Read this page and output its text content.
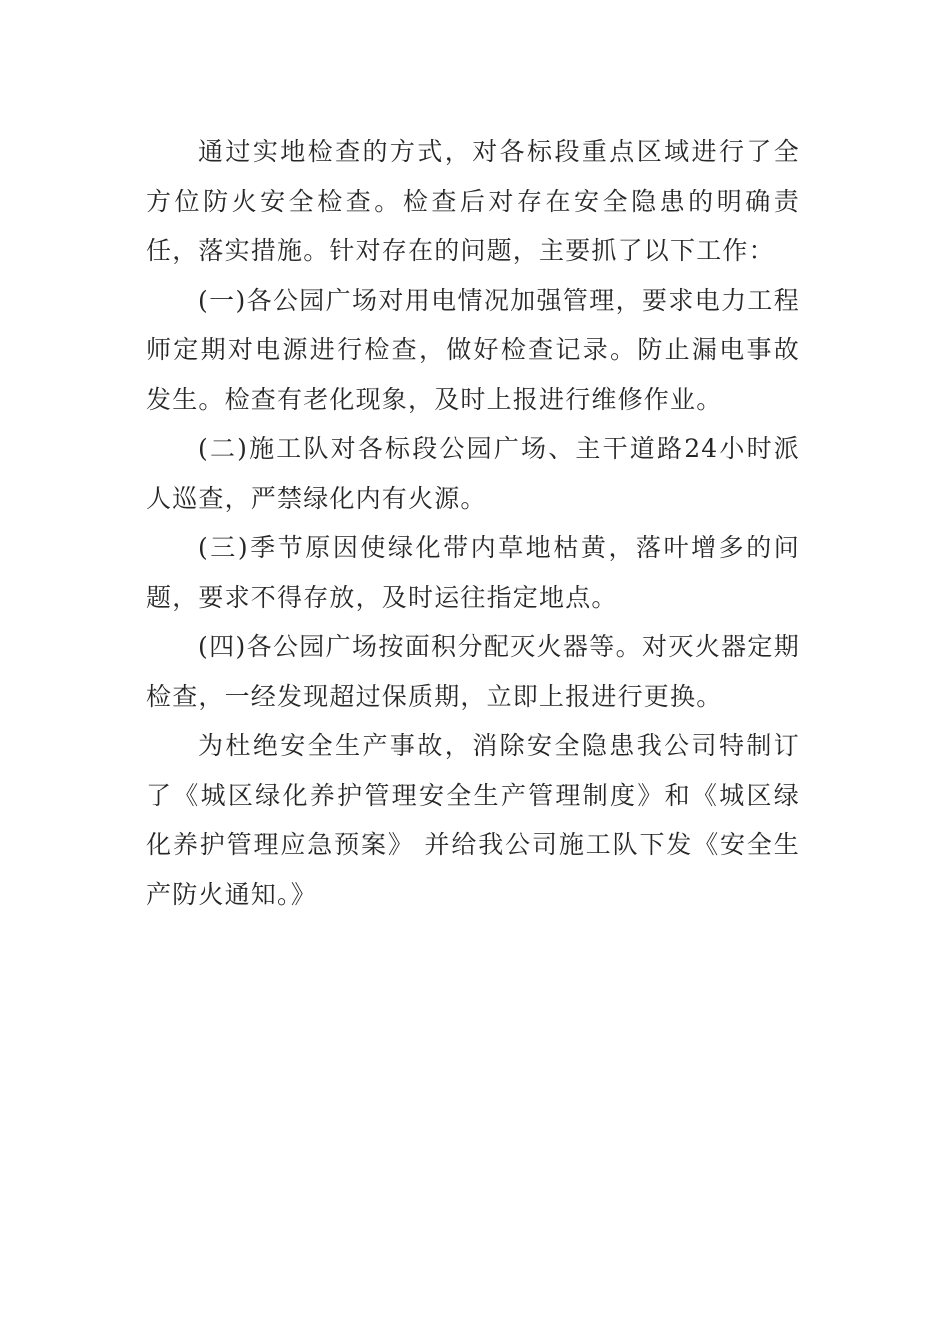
通过实地检查的方式，对各标段重点区域进行了全方位防火安全检查。检查后对存在安全隐患的明确责任，落实措施。针对存在的问题，主要抓了以下工作：

(一)各公园广场对用电情况加强管理，要求电力工程师定期对电源进行检查，做好检查记录。防止漏电事故发生。检查有老化现象，及时上报进行维修作业。

(二)施工队对各标段公园广场、主干道路24小时派人巡查，严禁绿化内有火源。

(三)季节原因使绿化带内草地枯黄，落叶增多的问题，要求不得存放，及时运往指定地点。

(四)各公园广场按面积分配灭火器等。对灭火器定期检查，一经发现超过保质期，立即上报进行更换。

为杜绝安全生产事故，消除安全隐患我公司特制订了《城区绿化养护管理安全生产管理制度》和《城区绿化养护管理应急预案》 并给我公司施工队下发《安全生产防火通知。》
